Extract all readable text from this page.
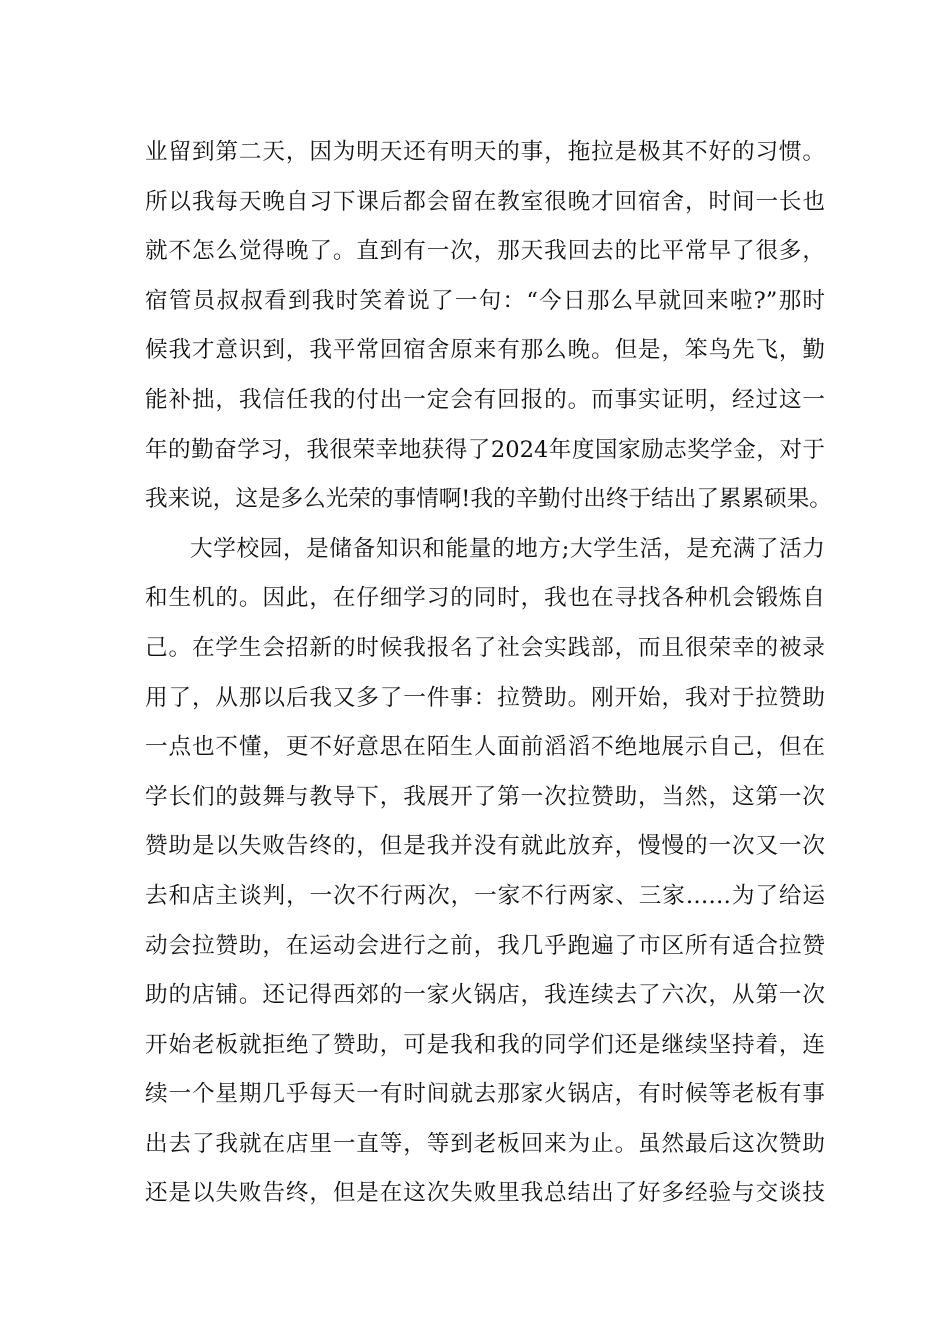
业留到第二天，因为明天还有明天的事，拖拉是极其不好的习惯。
所以我每天晚自习下课后都会留在教室很晚才回宿舍，时间一长也
就不怎么觉得晚了。直到有一次，那天我回去的比平常早了很多，
宿管员叔叔看到我时笑着说了一句：“今日那么早就回来啦?”那时
候我才意识到，我平常回宿舍原来有那么晚。但是，笨鸟先飞，勤
能补拙，我信任我的付出一定会有回报的。而事实证明，经过这一
年的勤奋学习，我很荣幸地获得了2024年度国家励志奖学金，对于
我来说，这是多么光荣的事情啊!我的辛勤付出终于结出了累累硕果。
大学校园，是储备知识和能量的地方;大学生活，是充满了活力
和生机的。因此，在仔细学习的同时，我也在寻找各种机会锻炼自
己。在学生会招新的时候我报名了社会实践部，而且很荣幸的被录
用了，从那以后我又多了一件事：拉赞助。刚开始，我对于拉赞助
一点也不懂，更不好意思在陌生人面前滔滔不绝地展示自己，但在
学长们的鼓舞与教导下，我展开了第一次拉赞助，当然，这第一次
赞助是以失败告终的，但是我并没有就此放弃，慢慢的一次又一次
去和店主谈判，一次不行两次，一家不行两家、三家……为了给运
动会拉赞助，在运动会进行之前，我几乎跑遍了市区所有适合拉赞
助的店铺。还记得西郊的一家火锅店，我连续去了六次，从第一次
开始老板就拒绝了赞助，可是我和我的同学们还是继续坚持着，连
续一个星期几乎每天一有时间就去那家火锅店，有时候等老板有事
出去了我就在店里一直等，等到老板回来为止。虽然最后这次赞助
还是以失败告终，但是在这次失败里我总结出了好多经验与交谈技
